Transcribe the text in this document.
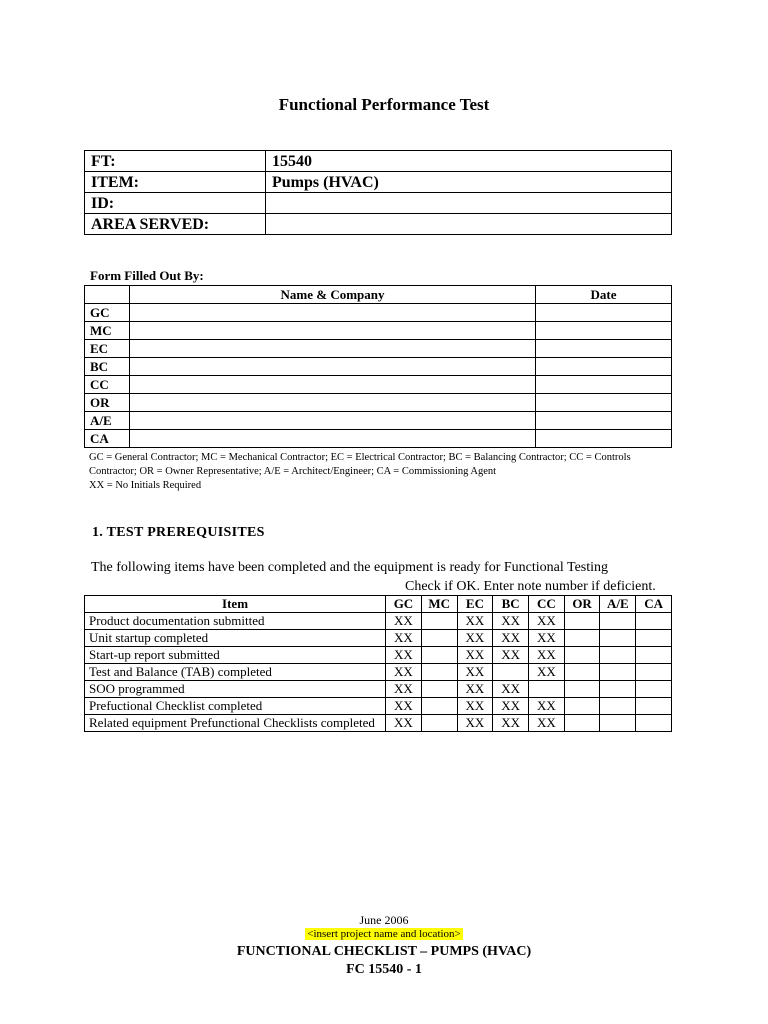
Functional Performance Test
FT:	15540
ITEM:	Pumps (HVAC)
ID:	
AREA SERVED:	
Form Filled Out By:
	Name & Company	Date
GC		
MC		
EC		
BC		
CC		
OR		
A/E		
CA		
GC = General Contractor; MC = Mechanical Contractor; EC = Electrical Contractor; BC = Balancing Contractor; CC = Controls
Contractor; OR = Owner Representative; A/E = Architect/Engineer; CA = Commissioning Agent
XX = No Initials Required
1. TEST PREREQUISITES
The following items have been completed and the equipment is ready for Functional Testing
Check if OK. Enter note number if deficient.
Item	GC	MC	EC	BC	CC	OR	A/E	CA
Product documentation submitted	XX		XX	XX	XX			
Unit startup completed	XX		XX	XX	XX			
Start-up report submitted	XX		XX	XX	XX			
Test and Balance (TAB) completed	XX		XX		XX			
SOO programmed	XX		XX	XX				
Prefuctional Checklist completed	XX		XX	XX	XX			
Related equipment Prefunctional Checklists completed	XX		XX	XX	XX			
June 2006
<insert project name and location>
FUNCTIONAL CHECKLIST – PUMPS (HVAC)
FC 15540 - 1
